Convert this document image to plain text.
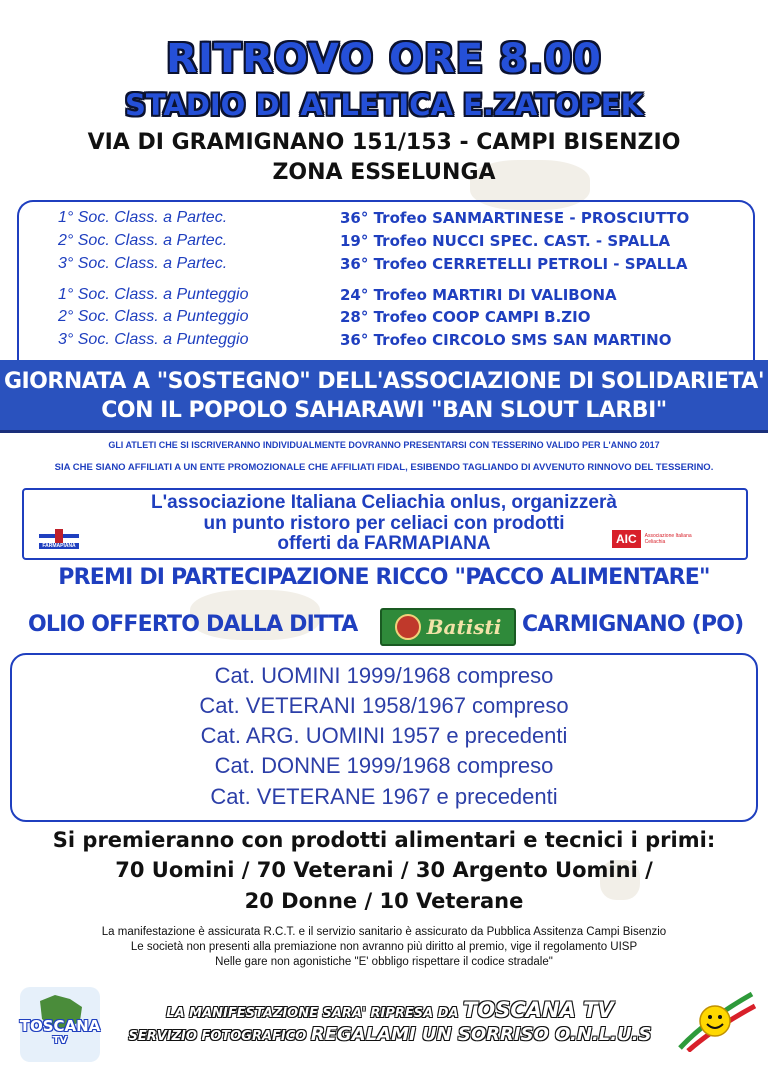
RITROVO ORE 8.00
STADIO DI ATLETICA E.ZATOPEK
VIA DI GRAMIGNANO 151/153 - CAMPI BISENZIO
ZONA ESSELUNGA
1° Soc. Class. a Partec.	36° Trofeo SANMARTINESE - PROSCIUTTO
2° Soc. Class. a Partec.	19° Trofeo NUCCI SPEC. CAST. - SPALLA
3° Soc. Class. a Partec.	36° Trofeo CERRETELLI PETROLI - SPALLA
1° Soc. Class. a Punteggio	24° Trofeo MARTIRI DI VALIBONA
2° Soc. Class. a Punteggio	28° Trofeo COOP CAMPI B.ZIO
3° Soc. Class. a Punteggio	36° Trofeo CIRCOLO SMS SAN MARTINO
GIORNATA A "SOSTEGNO" DELL'ASSOCIAZIONE DI SOLIDARIETA'
CON IL POPOLO SAHARAWI "BAN SLOUT LARBI"
GLI ATLETI CHE SI ISCRIVERANNO INDIVIDUALMENTE DOVRANNO PRESENTARSI CON TESSERINO VALIDO PER L'ANNO 2017
SIA CHE SIANO AFFILIATI A UN ENTE PROMOZIONALE CHE AFFILIATI FIDAL, ESIBENDO TAGLIANDO DI AVVENUTO RINNOVO DEL TESSERINO.
L'associazione Italiana Celiachia onlus, organizzerà
un punto ristoro per celiaci con prodotti
offerti da FARMAPIANA
FARMAPIANA	AIC	Associazione Italiana Celiachia
PREMI DI PARTECIPAZIONE RICCO "PACCO ALIMENTARE"
OLIO OFFERTO DALLA DITTA	Batisti CARMIGNANO (PO)
Cat. UOMINI 1999/1968 compreso
Cat. VETERANI 1958/1967 compreso
Cat. ARG. UOMINI 1957 e precedenti
Cat. DONNE 1999/1968 compreso
Cat. VETERANE 1967 e precedenti
Si premieranno con prodotti alimentari e tecnici i primi:
70 Uomini / 70 Veterani / 30 Argento Uomini /
20 Donne / 10 Veterane
La manifestazione è assicurata R.C.T. e il servizio sanitario è assicurato da Pubblica Assitenza Campi Bisenzio
Le società non presenti alla premiazione non avranno più diritto al premio, vige il regolamento UISP
Nelle gare non agonistiche "E' obbligo rispettare il codice stradale"
TOSCANA
TV
LA MANIFESTAZIONE SARA' RIPRESA DA TOSCANA TV
SERVIZIO FOTOGRAFICO REGALAMI UN SORRISO O.N.L.U.S
